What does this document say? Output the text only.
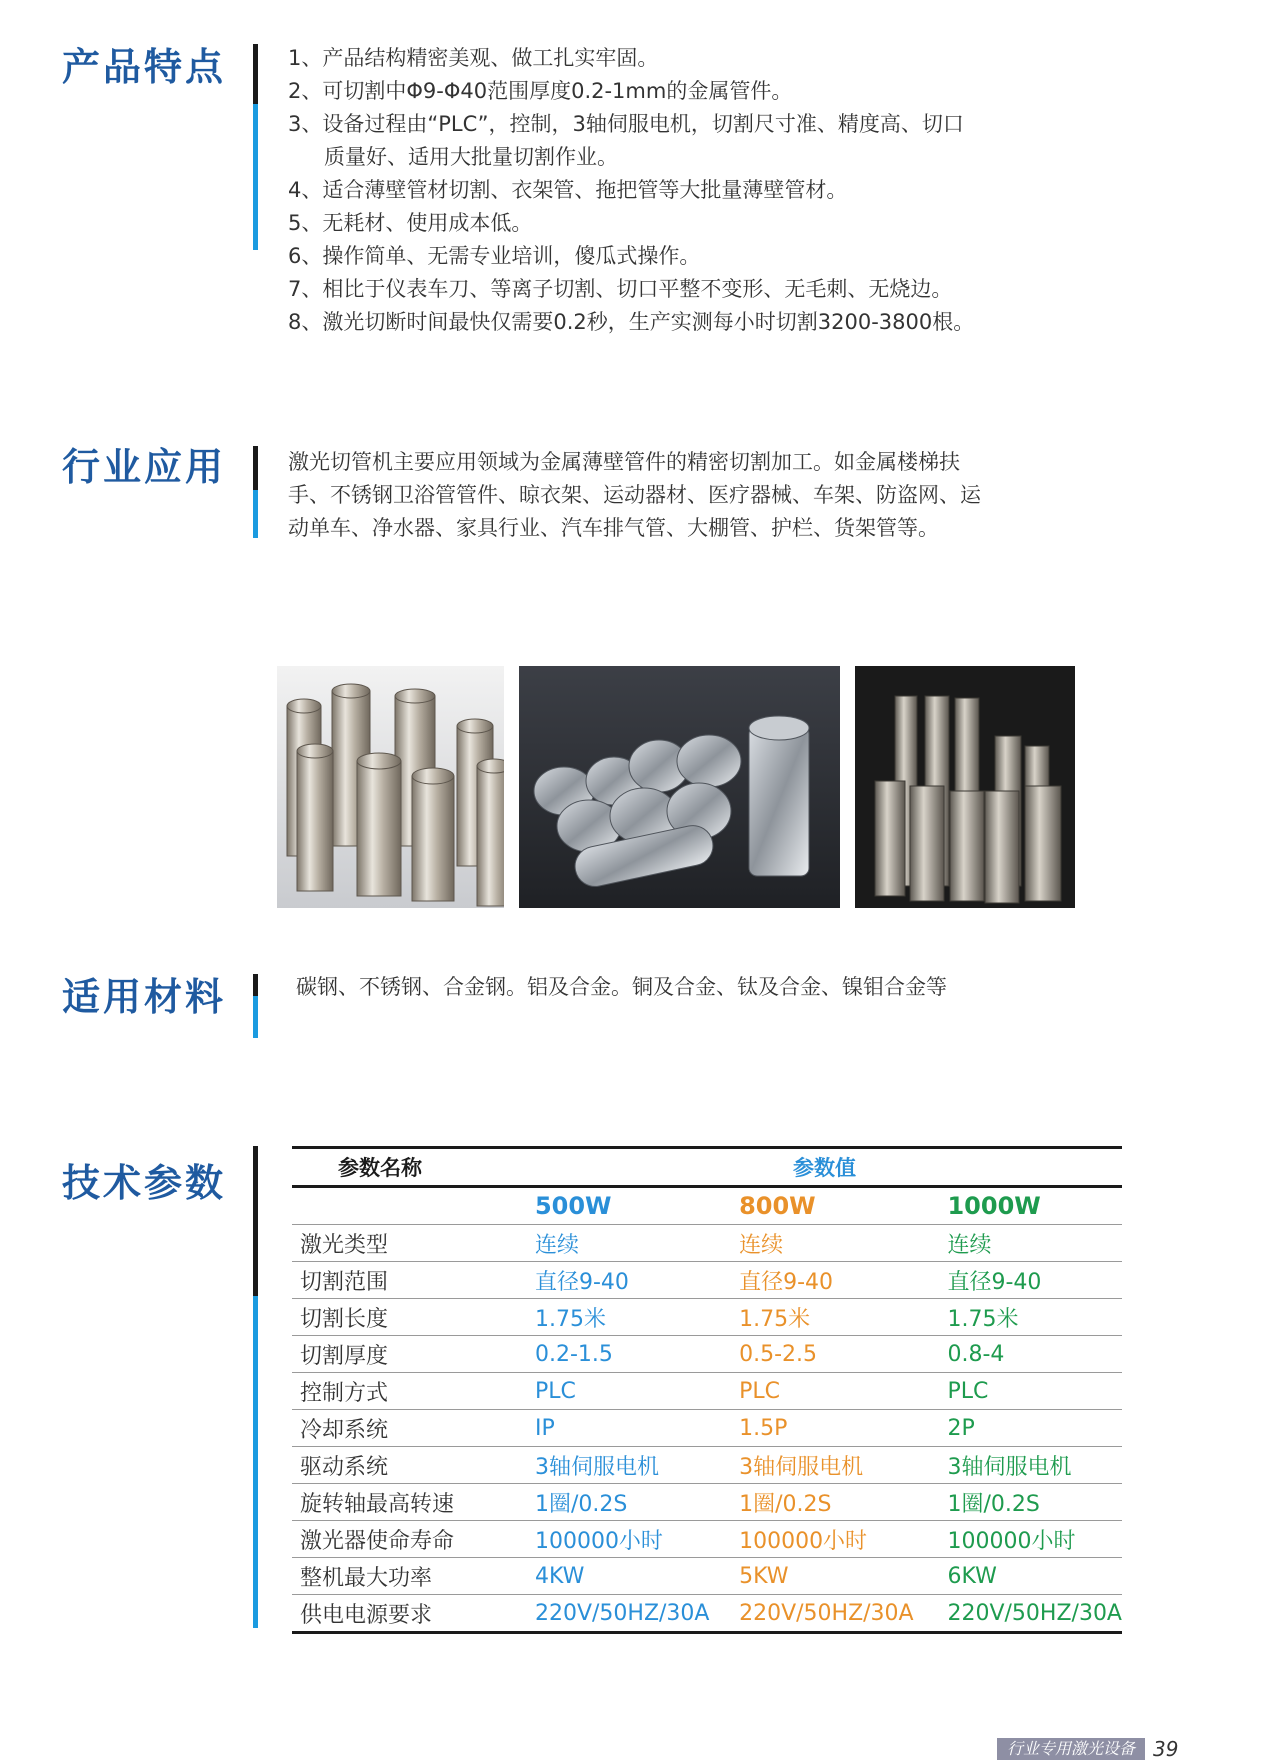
产品特点	1、产品结构精密美观、做工扎实牢固。
2、可切割中Φ9-Φ40范围厚度0.2-1mm的金属管件。
3、设备过程由“PLC”，控制，3轴伺服电机，切割尺寸准、精度高、切口
质量好、适用大批量切割作业。
4、适合薄壁管材切割、衣架管、拖把管等大批量薄壁管材。
5、无耗材、使用成本低。
6、操作简单、无需专业培训，傻瓜式操作。
7、相比于仪表车刀、等离子切割、切口平整不变形、无毛刺、无烧边。
8、激光切断时间最快仅需要0.2秒，生产实测每小时切割3200-3800根。
行业应用	激光切管机主要应用领域为金属薄壁管件的精密切割加工。如金属楼梯扶
手、不锈钢卫浴管管件、晾衣架、运动器材、医疗器械、车架、防盗网、运
动单车、净水器、家具行业、汽车排气管、大棚管、护栏、货架管等。
适用材料	碳钢、不锈钢、合金钢。铝及合金。铜及合金、钛及合金、镍钼合金等
技术参数	参数名称	参数值		
	500W	800W	1000W
激光类型	连续	连续	连续
切割范围	直径9-40	直径9-40	直径9-40
切割长度	1.75米	1.75米	1.75米
切割厚度	0.2-1.5	0.5-2.5	0.8-4
控制方式	PLC	PLC	PLC
冷却系统	IP	1.5P	2P
驱动系统	3轴伺服电机	3轴伺服电机	3轴伺服电机
旋转轴最高转速	1圈/0.2S	1圈/0.2S	1圈/0.2S
激光器使命寿命	100000小时	100000小时	100000小时
整机最大功率	4KW	5KW	6KW
供电电源要求	220V/50HZ/30A	220V/50HZ/30A	220V/50HZ/30A
行业专用激光设备 39
